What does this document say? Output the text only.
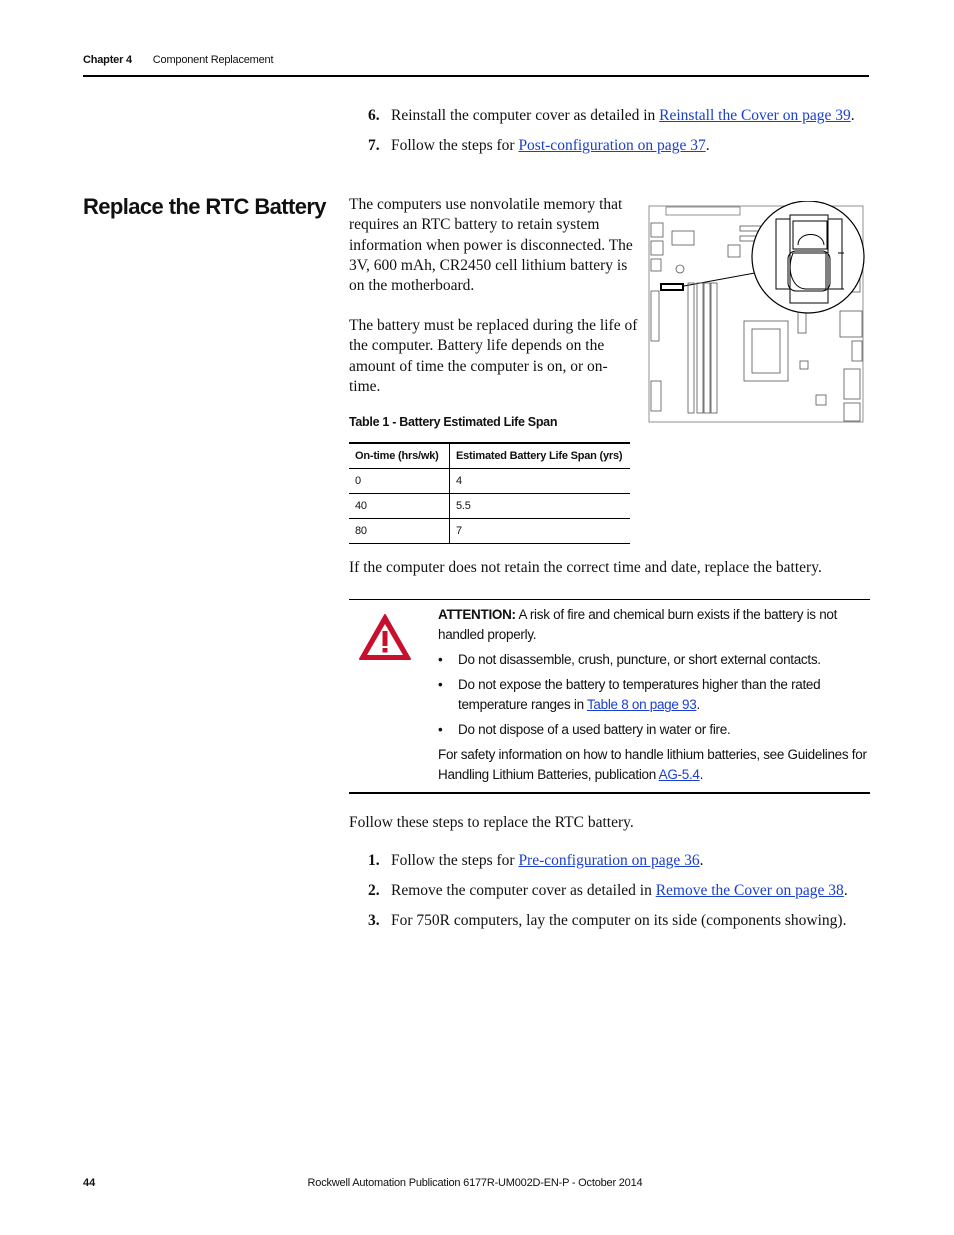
Chapter 4 Component Replacement
6. Reinstall the computer cover as detailed in Reinstall the Cover on page 39.
7. Follow the steps for Post-configuration on page 37.
Replace the RTC Battery The computers use nonvolatile memory that requires an RTC battery to retain system information when power is disconnected. The 3V, 600 mAh, CR2450 cell lithium battery is on the motherboard.
The battery must be replaced during the life of the computer. Battery life depends on the amount of time the computer is on, or on-time.
Table 1 - Battery Estimated Life Span
On-time (hrs/wk)	Estimated Battery Life Span (yrs)
0	4
40	5.5
80	7
If the computer does not retain the correct time and date, replace the battery.

ATTENTION: A risk of fire and chemical burn exists if the battery is not handled properly.

• Do not disassemble, crush, puncture, or short external contacts.
• Do not expose the battery to temperatures higher than the rated temperature ranges in Table 8 on page 93.
• Do not dispose of a used battery in water or fire.

For safety information on how to handle lithium batteries, see Guidelines for Handling Lithium Batteries, publication AG-5.4.

Follow these steps to replace the RTC battery.
1. Follow the steps for Pre-configuration on page 36.
2. Remove the computer cover as detailed in Remove the Cover on page 38.
3. For 750R computers, lay the computer on its side (components showing).
44	Rockwell Automation Publication 6177R-UM002D-EN-P - October 2014
